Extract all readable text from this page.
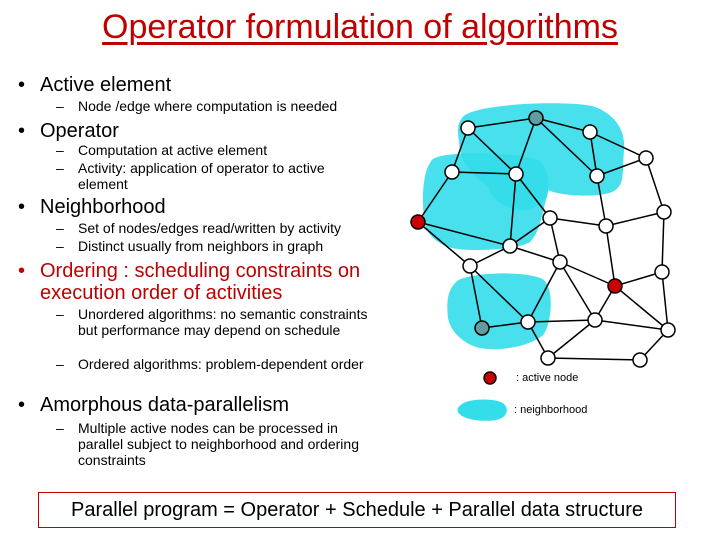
Operator formulation of algorithms
• Active element
– Node /edge where computation is needed
• Operator
– Computation at active element
– Activity: application of operator to active element
• Neighborhood
– Set of nodes/edges read/written by activity
– Distinct usually from neighbors in graph
• Ordering : scheduling constraints on execution order of activities
– Unordered algorithms: no semantic constraints but performance may depend on schedule
– Ordered algorithms: problem-dependent order
• Amorphous data-parallelism
– Multiple active nodes can be processed in parallel subject to neighborhood and ordering constraints
: active node
: neighborhood
Parallel program = Operator + Schedule + Parallel data structure
